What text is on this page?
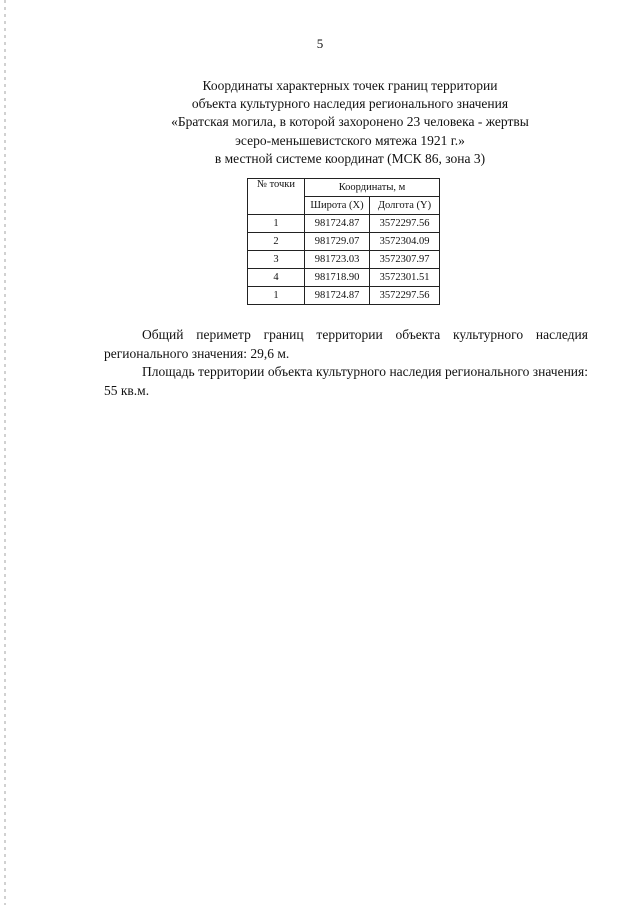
5
Координаты характерных точек границ территории
объекта культурного наследия регионального значения
«Братская могила, в которой захоронено 23 человека - жертвы
эсеро-меньшевистского мятежа 1921 г.»
в местной системе координат (МСК 86, зона 3)
№ точки	Координаты, м	
	Широта (X)	Долгота (Y)
1	981724.87	3572297.56
2	981729.07	3572304.09
3	981723.03	3572307.97
4	981718.90	3572301.51
1	981724.87	3572297.56
Общий периметр границ территории объекта культурного наследия регионального значения: 29,6 м.
Площадь территории объекта культурного наследия регионального значения: 55 кв.м.
